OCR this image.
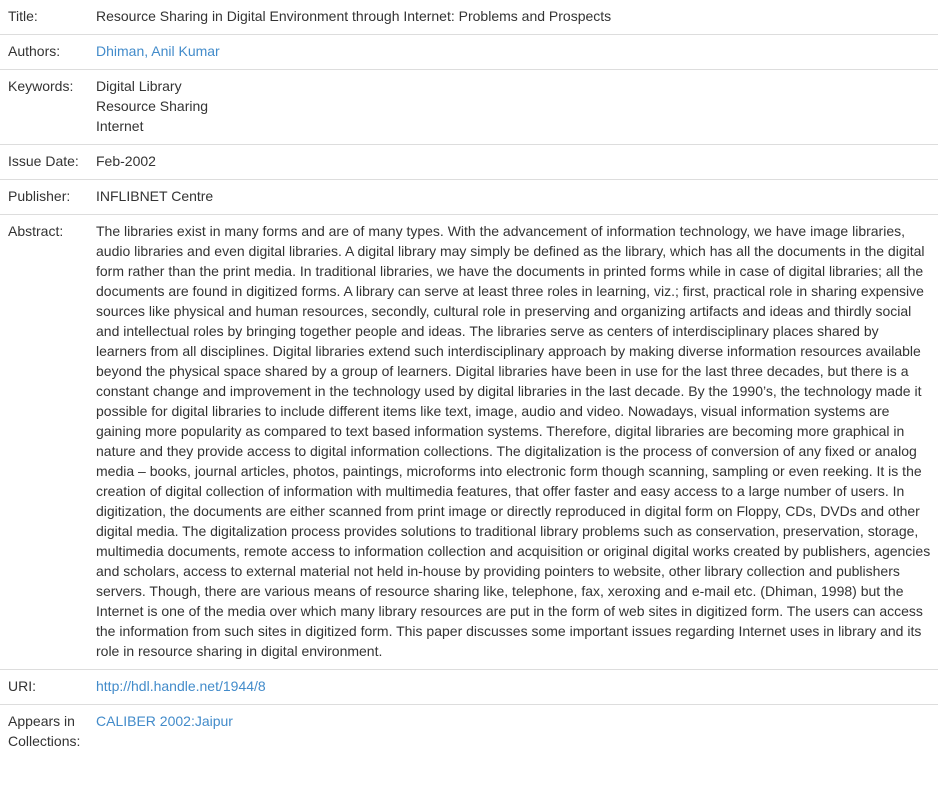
Title:	Resource Sharing in Digital Environment through Internet: Problems and Prospects
Authors:	Dhiman, Anil Kumar
Keywords:	Digital Library
Resource Sharing
Internet

Issue Date:	Feb-2002
Publisher:	INFLIBNET Centre
Abstract:	The libraries exist in many forms and are of many types. With the advancement of information technology, we have image libraries, audio libraries and even digital libraries. A digital library may simply be defined as the library, which has all the documents in the digital form rather than the print media. In traditional libraries, we have the documents in printed forms while in case of digital libraries; all the documents are found in digitized forms. A library can serve at least three roles in learning, viz.; first, practical role in sharing expensive sources like physical and human resources, secondly, cultural role in preserving and organizing artifacts and ideas and thirdly social and intellectual roles by bringing together people and ideas. The libraries serve as centers of interdisciplinary places shared by learners from all disciplines. Digital libraries extend such interdisciplinary approach by making diverse information resources available beyond the physical space shared by a group of learners. Digital libraries have been in use for the last three decades, but there is a constant change and improvement in the technology used by digital libraries in the last decade. By the 1990’s, the technology made it possible for digital libraries to include different items like text, image, audio and video. Nowadays, visual information systems are gaining more popularity as compared to text based information systems. Therefore, digital libraries are becoming more graphical in nature and they provide access to digital information collections. The digitalization is the process of conversion of any fixed or analog media – books, journal articles, photos, paintings, microforms into electronic form though scanning, sampling or even reeking. It is the creation of digital collection of information with multimedia features, that offer faster and easy access to a large number of users. In digitization, the documents are either scanned from print image or directly reproduced in digital form on Floppy, CDs, DVDs and other digital media. The digitalization process provides solutions to traditional library problems such as conservation, preservation, storage, multimedia documents, remote access to information collection and acquisition or original digital works created by publishers, agencies and scholars, access to external material not held in-house by providing pointers to website, other library collection and publishers servers. Though, there are various means of resource sharing like, telephone, fax, xeroxing and e-mail etc. (Dhiman, 1998) but the Internet is one of the media over which many library resources are put in the form of web sites in digitized form. The users can access the information from such sites in digitized form. This paper discusses some important issues regarding Internet uses in library and its role in resource sharing in digital environment.
URI:	http://hdl.handle.net/1944/8
Appears in Collections:	CALIBER 2002:Jaipur
